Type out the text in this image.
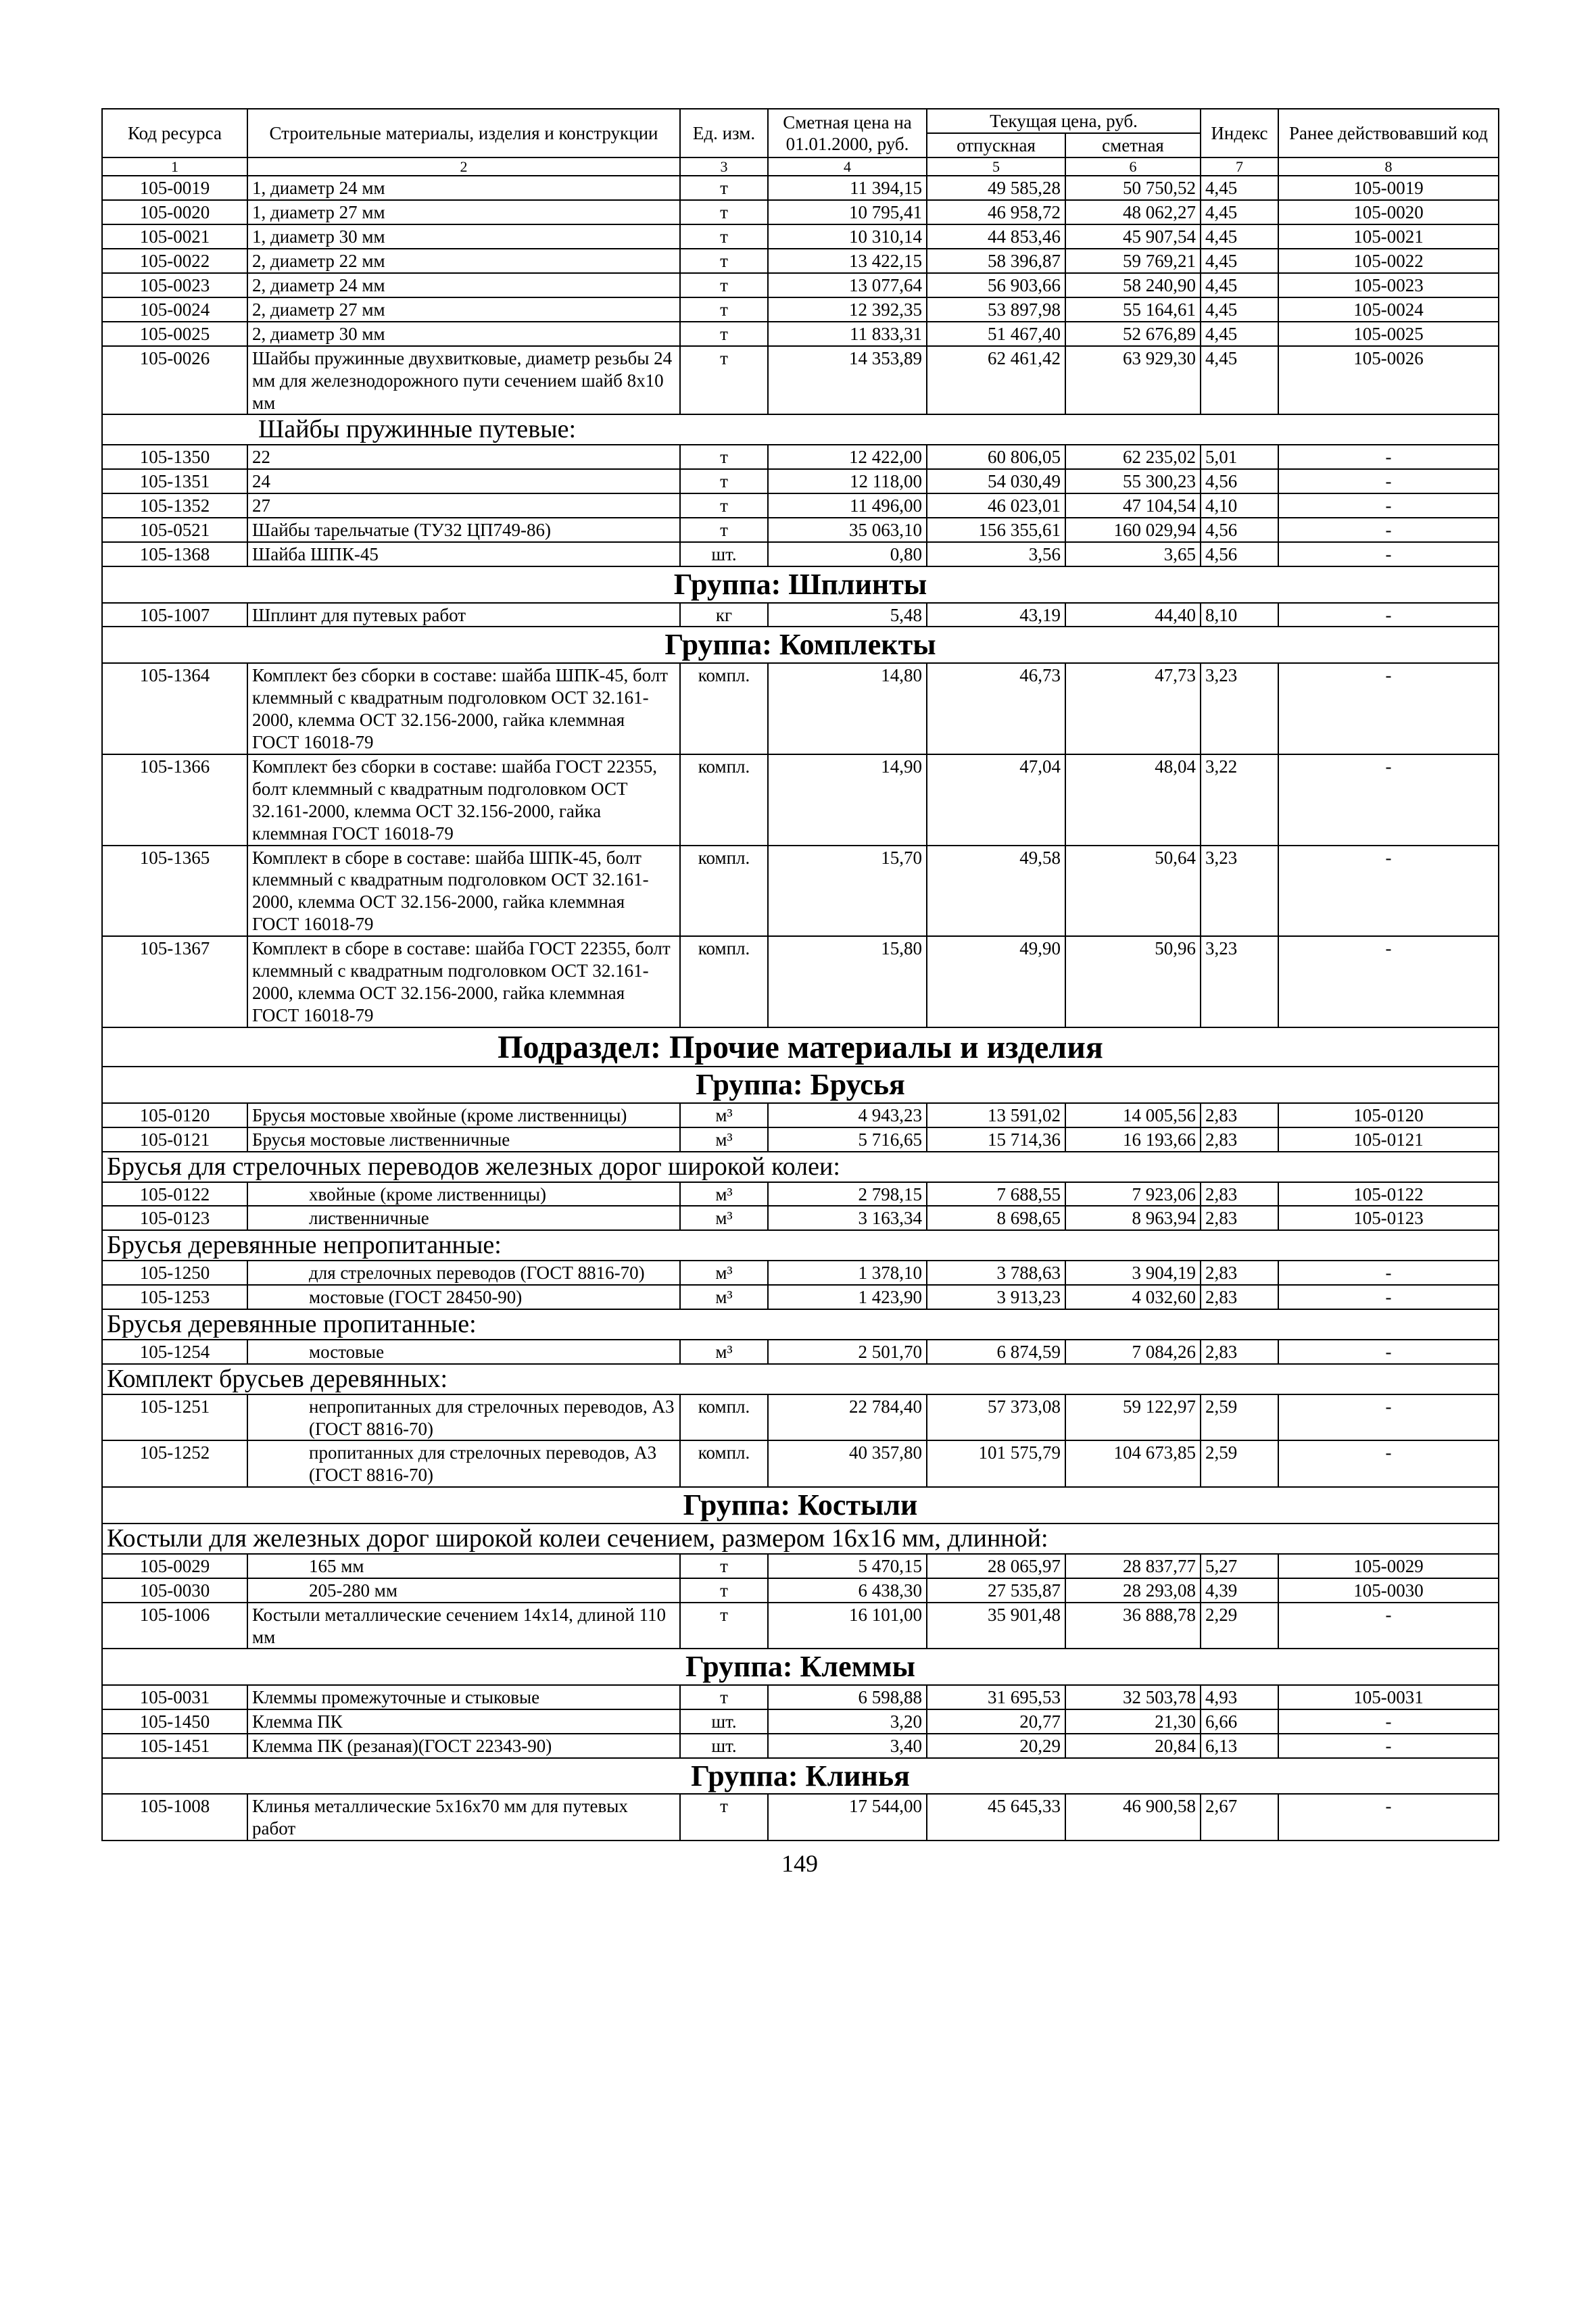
Код ресурса	Строительные материалы, изделия и конструкции	Ед. изм.	Сметная цена на 01.01.2000, руб.	Текущая цена, руб.		Индекс	Ранее действовавший код
				отпускная	сметная		
1	2	3	4	5	6	7	8
105-0019	1, диаметр 24 мм	т	11 394,15	49 585,28	50 750,52	4,45	105-0019
105-0020	1, диаметр 27 мм	т	10 795,41	46 958,72	48 062,27	4,45	105-0020
105-0021	1, диаметр 30 мм	т	10 310,14	44 853,46	45 907,54	4,45	105-0021
105-0022	2, диаметр 22 мм	т	13 422,15	58 396,87	59 769,21	4,45	105-0022
105-0023	2, диаметр 24 мм	т	13 077,64	56 903,66	58 240,90	4,45	105-0023
105-0024	2, диаметр 27 мм	т	12 392,35	53 897,98	55 164,61	4,45	105-0024
105-0025	2, диаметр 30 мм	т	11 833,31	51 467,40	52 676,89	4,45	105-0025
105-0026	Шайбы пружинные двухвитковые, диаметр резьбы 24 мм для железнодорожного пути сечением шайб 8х10 мм	т	14 353,89	62 461,42	63 929,30	4,45	105-0026
Шайбы пружинные путевые:							
105-1350	22	т	12 422,00	60 806,05	62 235,02	5,01	-
105-1351	24	т	12 118,00	54 030,49	55 300,23	4,56	-
105-1352	27	т	11 496,00	46 023,01	47 104,54	4,10	-
105-0521	Шайбы тарельчатые (ТУ32 ЦП749-86)	т	35 063,10	156 355,61	160 029,94	4,56	-
105-1368	Шайба ШПК-45	шт.	0,80	3,56	3,65	4,56	-
Группа: Шплинты							
105-1007	Шплинт для путевых работ	кг	5,48	43,19	44,40	8,10	-
Группа: Комплекты							
105-1364	Комплект без сборки в составе: шайба ШПК-45, болт клеммный с квадратным подголовком ОСТ 32.161-2000, клемма ОСТ 32.156-2000, гайка клеммная ГОСТ 16018-79	компл.	14,80	46,73	47,73	3,23	-
105-1366	Комплект без сборки в составе: шайба ГОСТ 22355, болт клеммный с квадратным подголовком ОСТ 32.161-2000, клемма ОСТ 32.156-2000, гайка клеммная ГОСТ 16018-79	компл.	14,90	47,04	48,04	3,22	-
105-1365	Комплект в сборе в составе: шайба ШПК-45, болт клеммный с квадратным подголовком ОСТ 32.161-2000, клемма ОСТ 32.156-2000, гайка клеммная ГОСТ 16018-79	компл.	15,70	49,58	50,64	3,23	-
105-1367	Комплект в сборе в составе: шайба ГОСТ 22355, болт клеммный с квадратным подголовком ОСТ 32.161-2000, клемма ОСТ 32.156-2000, гайка клеммная ГОСТ 16018-79	компл.	15,80	49,90	50,96	3,23	-
Подраздел: Прочие материалы и изделия							
Группа: Брусья							
105-0120	Брусья мостовые хвойные (кроме лиственницы)	м³	4 943,23	13 591,02	14 005,56	2,83	105-0120
105-0121	Брусья мостовые лиственничные	м³	5 716,65	15 714,36	16 193,66	2,83	105-0121
Брусья для стрелочных переводов железных дорог широкой колеи:							
105-0122	хвойные (кроме лиственницы)	м³	2 798,15	7 688,55	7 923,06	2,83	105-0122
105-0123	лиственничные	м³	3 163,34	8 698,65	8 963,94	2,83	105-0123
Брусья деревянные непропитанные:							
105-1250	для стрелочных переводов (ГОСТ 8816-70)	м³	1 378,10	3 788,63	3 904,19	2,83	-
105-1253	мостовые (ГОСТ 28450-90)	м³	1 423,90	3 913,23	4 032,60	2,83	-
Брусья деревянные пропитанные:							
105-1254	мостовые	м³	2 501,70	6 874,59	7 084,26	2,83	-
Комплект брусьев деревянных:							
105-1251	непропитанных для стрелочных переводов, А3 (ГОСТ 8816-70)	компл.	22 784,40	57 373,08	59 122,97	2,59	-
105-1252	пропитанных для стрелочных переводов, А3 (ГОСТ 8816-70)	компл.	40 357,80	101 575,79	104 673,85	2,59	-
Группа: Костыли							
Костыли для железных дорог широкой колеи сечением, размером 16х16 мм, длинной:							
105-0029	165 мм	т	5 470,15	28 065,97	28 837,77	5,27	105-0029
105-0030	205-280 мм	т	6 438,30	27 535,87	28 293,08	4,39	105-0030
105-1006	Костыли металлические сечением 14х14, длиной 110 мм	т	16 101,00	35 901,48	36 888,78	2,29	-
Группа: Клеммы							
105-0031	Клеммы промежуточные и стыковые	т	6 598,88	31 695,53	32 503,78	4,93	105-0031
105-1450	Клемма ПК	шт.	3,20	20,77	21,30	6,66	-
105-1451	Клемма ПК (резаная)(ГОСТ 22343-90)	шт.	3,40	20,29	20,84	6,13	-
Группа: Клинья							
105-1008	Клинья металлические 5х16х70 мм для путевых работ	т	17 544,00	45 645,33	46 900,58	2,67	-
149
